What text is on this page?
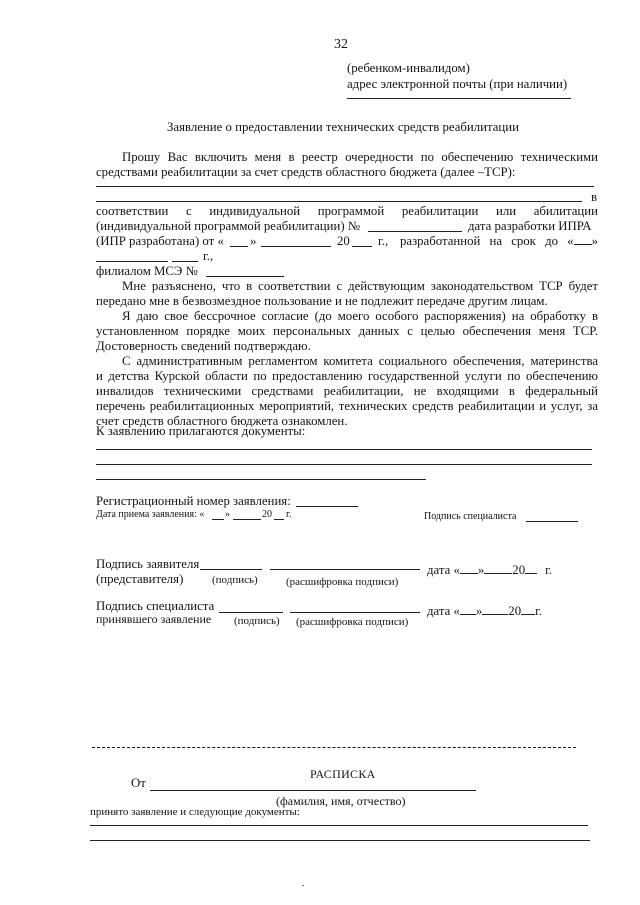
32
(ребенком-инвалидом)
адрес электронной почты (при наличии)
Заявление о предоставлении технических средств реабилитации
Прошу Вас включить меня в реестр очередности по обеспечению техническими
средствами реабилитации за счет средств областного бюджета (далее –ТСР):
в
соответствии с индивидуальной программой реабилитации или абилитации
(индивидуальной программой реабилитации) №	дата разработки ИПРА
(ИПР разработана) от « »	20 г., разработанной на срок до « »
г.,
филиалом МСЭ №
Мне разъяснено, что в соответствии с действующим законодательством ТСР будет
передано мне в безвозмездное пользование и не подлежит передаче другим лицам.
Я даю свое бессрочное согласие (до моего особого распоряжения) на обработку в
установленном порядке моих персональных данных с целью обеспечения меня ТСР.
Достоверность сведений подтверждаю.
С административным регламентом комитета социального обеспечения, материнства
и детства Курской области по предоставлению государственной услуги по обеспечению
инвалидов техническими средствами реабилитации, не входящими в федеральный
перечень реабилитационных мероприятий, технических средств реабилитации и услуг, за
счет средств областного бюджета ознакомлен.
К заявлению прилагаются документы:
Регистрационный номер заявления:
Дата приема заявления: « »	20 г.	Подпись специалиста
Подпись заявителя
(представителя)	(подпись)	(расшифровка подписи)
дата « » 20 г.
Подпись специалиста
принявшего заявление (подпись) (расшифровка подписи)
дата « » 20 г.
РАСПИСКА
От
(фамилия, имя, отчество)
принято заявление и следующие документы:
